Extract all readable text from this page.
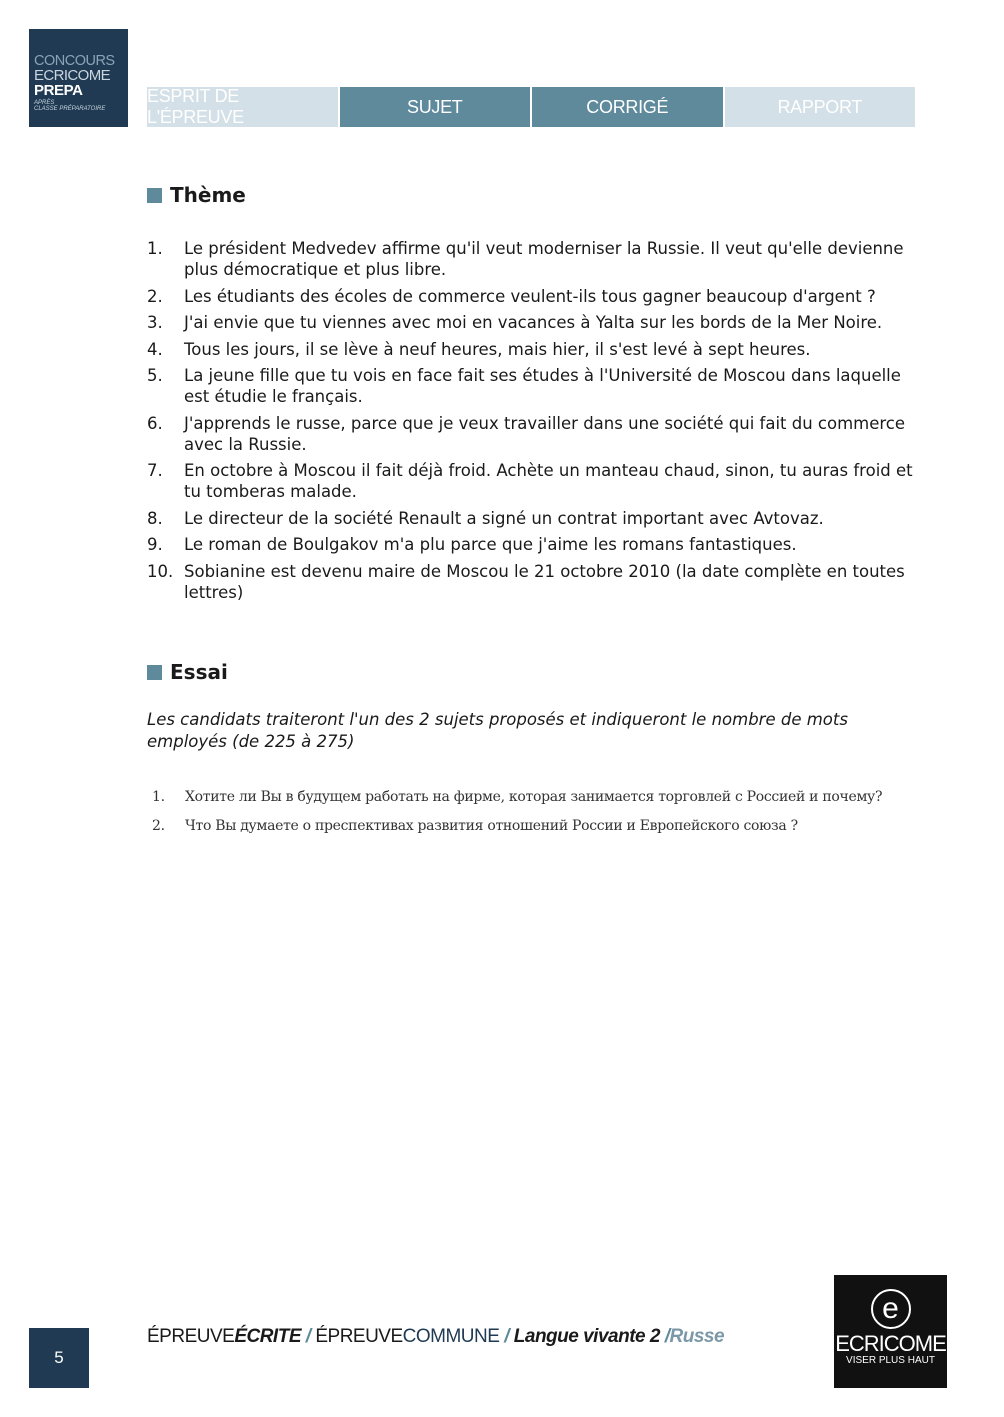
CONCOURS
ECRICOME
PREPA
APRÈS
CLASSE PRÉPARATOIRE
ESPRIT DE L'ÉPREUVE
SUJET	CORRIGÉ	RAPPORT
Thème
1.	Le président Medvedev affirme qu'il veut moderniser la Russie. Il veut qu'elle devienne plus démocratique et plus libre.
2.	Les étudiants des écoles de commerce veulent-ils tous gagner beaucoup d'argent ?
3.	J'ai envie que tu viennes avec moi en vacances à Yalta sur les bords de la Mer Noire.
4.	Tous les jours, il se lève à neuf heures, mais hier, il s'est levé à sept heures.
5.	La jeune fille que tu vois en face fait ses études à l'Université de Moscou dans laquelle est étudie le français.
6.	J'apprends le russe, parce que je veux travailler dans une société qui fait du commerce avec la Russie.
7.	En octobre à Moscou il fait déjà froid. Achète un manteau chaud, sinon, tu auras froid et tu tomberas malade.
8.	Le directeur de la société Renault a signé un contrat important avec Avtovaz.
9.	Le roman de Boulgakov m'a plu parce que j'aime les romans fantastiques.
10. Sobianine est devenu maire de Moscou le 21 octobre 2010 (la date complète en toutes lettres)
Essai
Les candidats traiteront l'un des 2 sujets proposés et indiqueront le nombre de mots employés (de 225 à 275)
1.	Хотите ли Вы в будущем работать на фирме, которая занимается торговлей с Россией и почему?
2.	Что Вы думаете о преспективах развития отношений России и Европейского союза ?
5
ÉPREUVEÉCRITE / ÉPREUVECOMMUNE / Langue vivante 2 /Russe
e
ECRICOME
VISER PLUS HAUT
